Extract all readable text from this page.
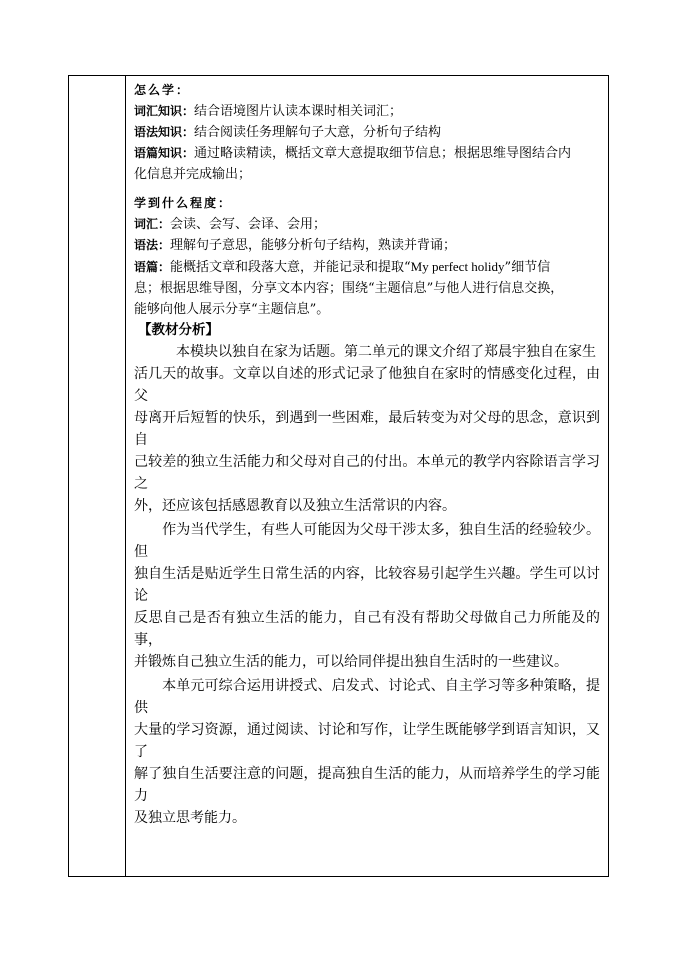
怎么学：

词汇知识：结合语境图片认读本课时相关词汇；

语法知识：结合阅读任务理解句子大意，分析句子结构

语篇知识：通过略读精读，概括文章大意提取细节信息；根据思维导图结合内

化信息并完成输出；

学到什么程度：

词汇：会读、会写、会译、会用；

语法：理解句子意思，能够分析句子结构，熟读并背诵；

语篇：能概括文章和段落大意，并能记录和提取“My perfect holidy”细节信

息；根据思维导图，分享文本内容；围绕“主题信息”与他人进行信息交换，

能够向他人展示分享“主题信息”。

【教材分析】

本模块以独自在家为话题。第二单元的课文介绍了郑晨宇独自在家生

活几天的故事。文章以自述的形式记录了他独自在家时的情感变化过程，由父

母离开后短暂的快乐，到遇到一些困难，最后转变为对父母的思念，意识到自

己较差的独立生活能力和父母对自己的付出。本单元的教学内容除语言学习之

外，还应该包括感恩教育以及独立生活常识的内容。

作为当代学生，有些人可能因为父母干涉太多，独自生活的经验较少。但

独自生活是贴近学生日常生活的内容，比较容易引起学生兴趣。学生可以讨论

反思自己是否有独立生活的能力，自己有没有帮助父母做自己力所能及的事，

并锻炼自己独立生活的能力，可以给同伴提出独自生活时的一些建议。

本单元可综合运用讲授式、启发式、讨论式、自主学习等多种策略，提供

大量的学习资源，通过阅读、讨论和写作，让学生既能够学到语言知识，又了

解了独自生活要注意的问题，提高独自生活的能力，从而培养学生的学习能力

及独立思考能力。
